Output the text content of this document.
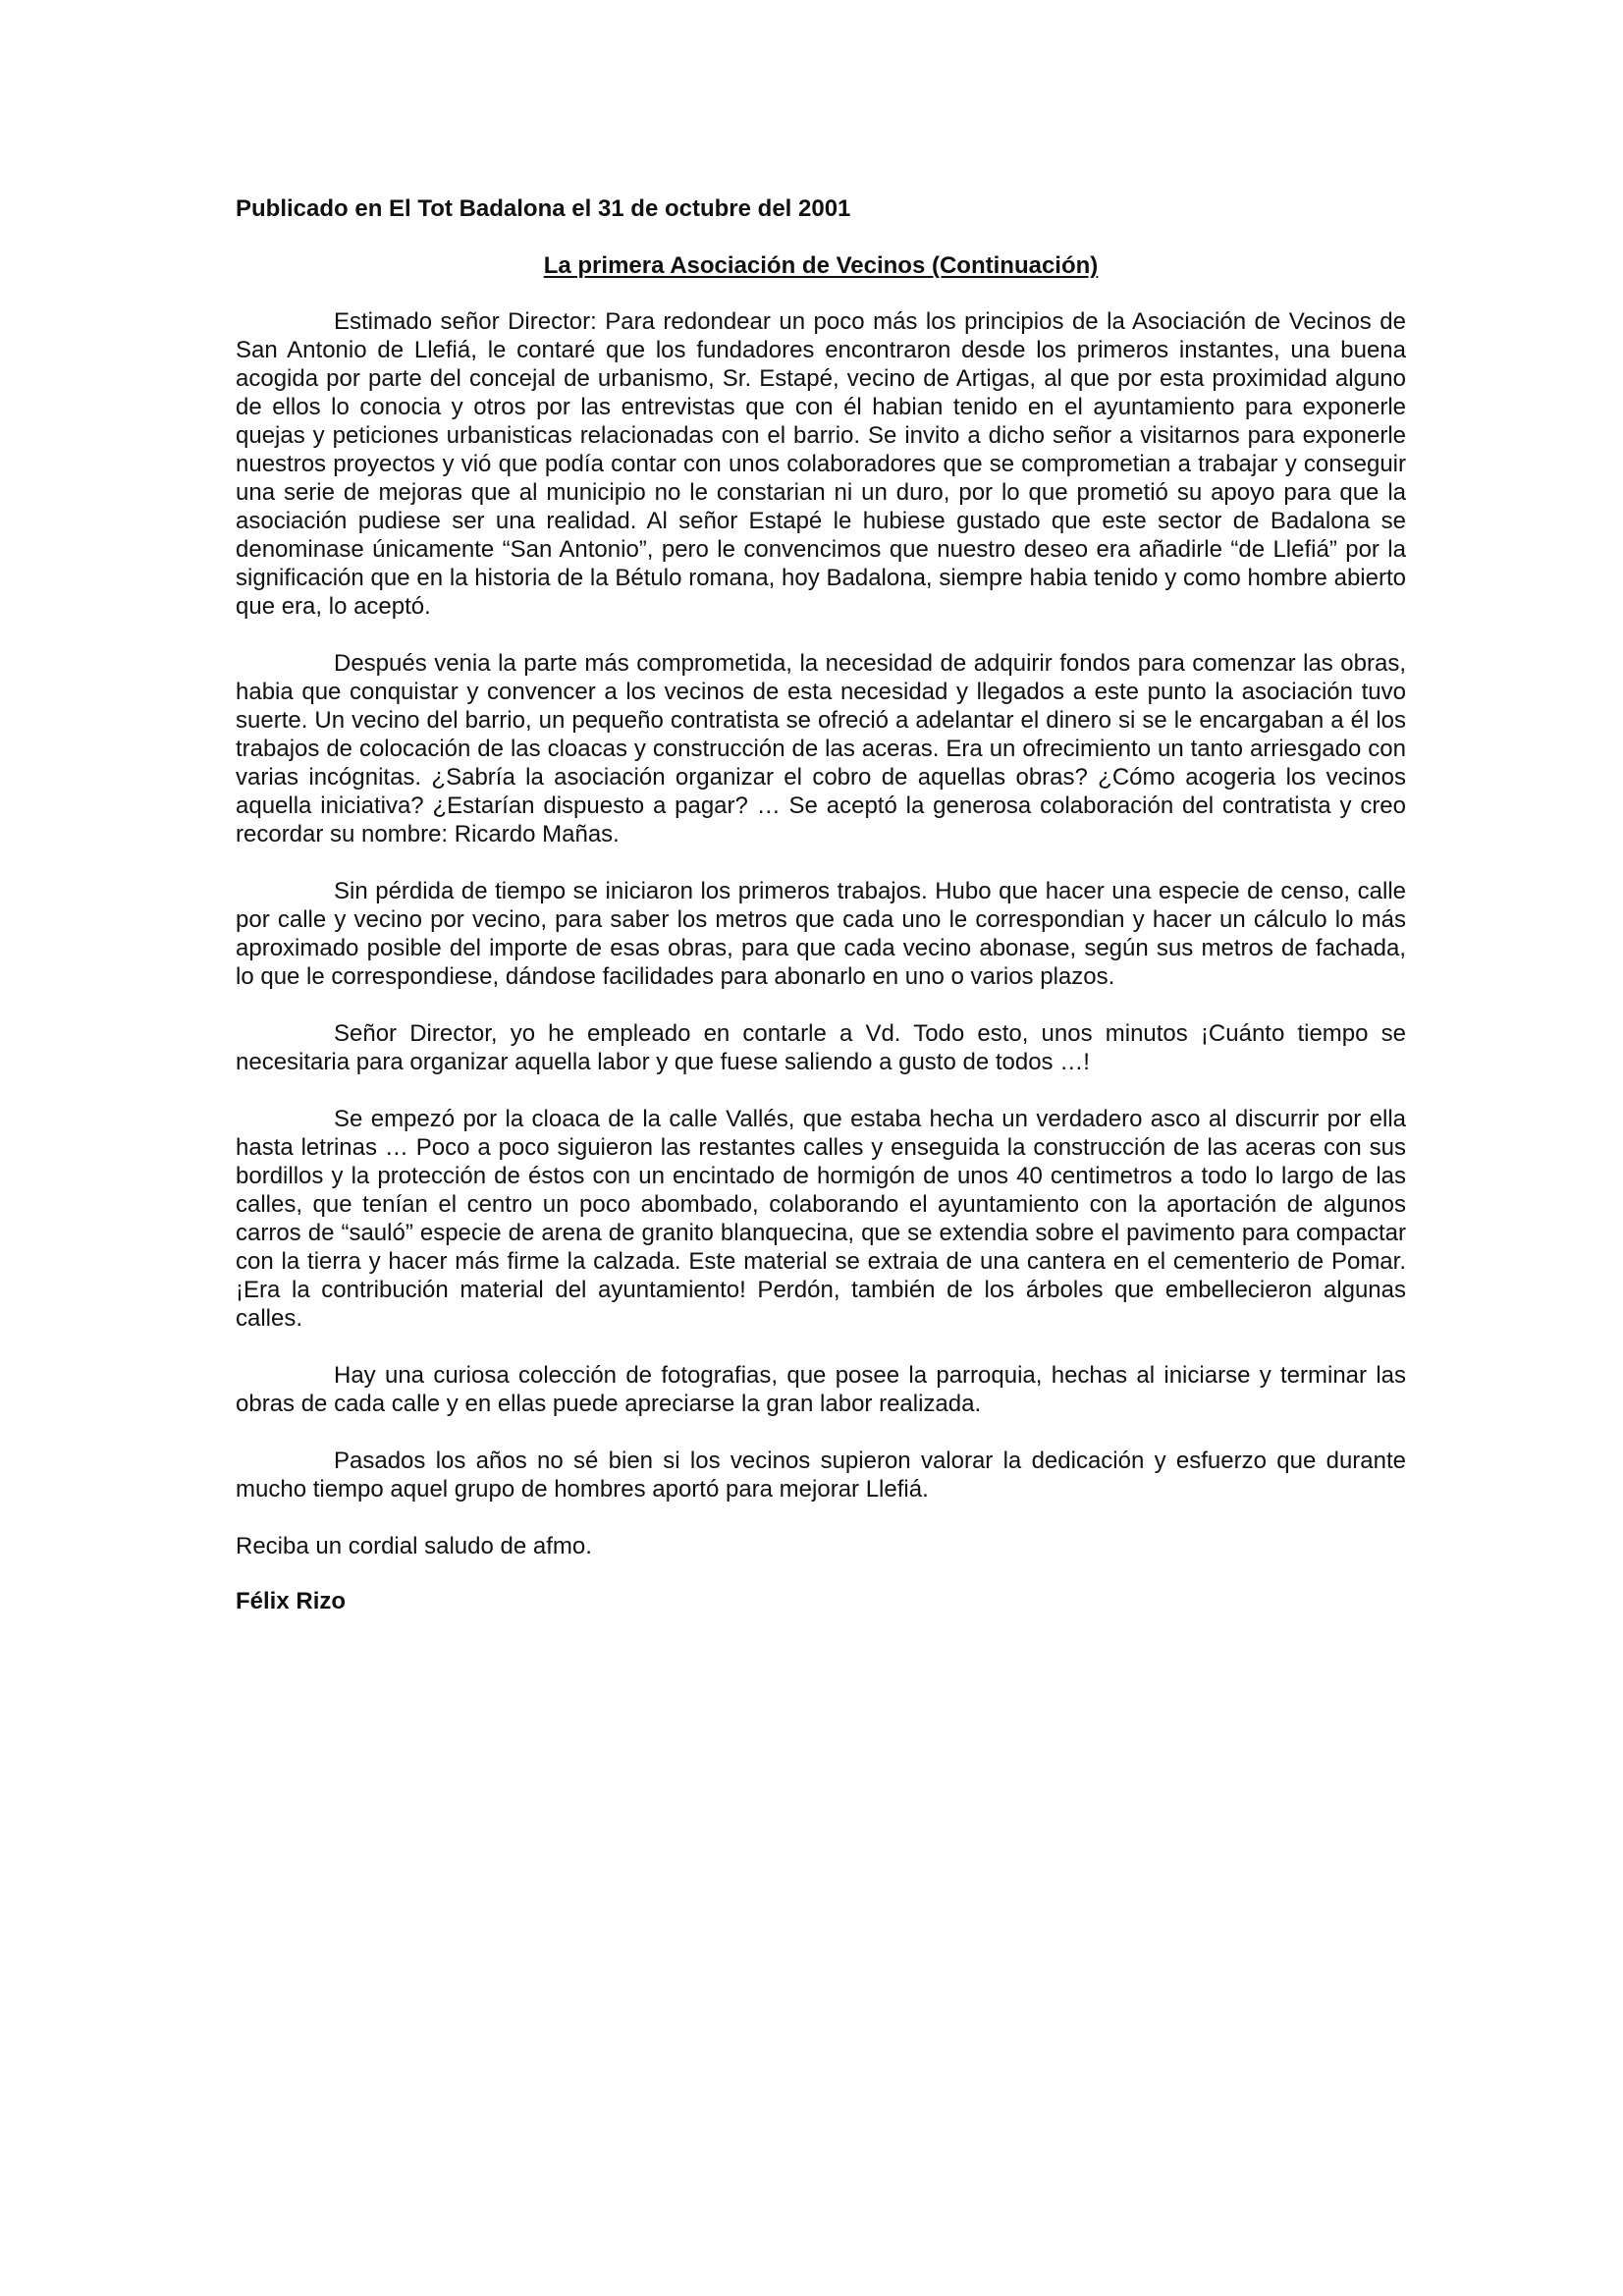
Publicado en El Tot Badalona el 31 de octubre del 2001

La primera Asociación de Vecinos (Continuación)

Estimado señor Director: Para redondear un poco más los principios de la Asociación de Vecinos de San Antonio de Llefiá, le contaré que los fundadores encontraron desde los primeros instantes, una buena acogida por parte del concejal de urbanismo, Sr. Estapé, vecino de Artigas, al que por esta proximidad alguno de ellos lo conocia y otros por las entrevistas que con él habian tenido en el ayuntamiento para exponerle quejas y peticiones urbanisticas relacionadas con el barrio. Se invito a dicho señor a visitarnos para exponerle nuestros proyectos y vió que podía contar con unos colaboradores que se comprometian a trabajar y conseguir una serie de mejoras que al municipio no le constarian ni un duro, por lo que prometió su apoyo para que la asociación pudiese ser una realidad. Al señor Estapé le hubiese gustado que este sector de Badalona se denominase únicamente “San Antonio”, pero le convencimos que nuestro deseo era añadirle “de Llefiá” por la significación que en la historia de la Bétulo romana, hoy Badalona, siempre habia tenido y como hombre abierto que era, lo aceptó.

Después venia la parte más comprometida, la necesidad de adquirir fondos para comenzar las obras, habia que conquistar y convencer a los vecinos de esta necesidad y llegados a este punto la asociación tuvo suerte. Un vecino del barrio, un pequeño contratista se ofreció a adelantar el dinero si se le encargaban a él los trabajos de colocación de las cloacas y construcción de las aceras. Era un ofrecimiento un tanto arriesgado con varias incógnitas. ¿Sabría la asociación organizar el cobro de aquellas obras? ¿Cómo acogeria los vecinos aquella iniciativa? ¿Estarían dispuesto a pagar? … Se aceptó la generosa colaboración del contratista y creo recordar su nombre: Ricardo Mañas.

Sin pérdida de tiempo se iniciaron los primeros trabajos. Hubo que hacer una especie de censo, calle por calle y vecino por vecino, para saber los metros que cada uno le correspondian y hacer un cálculo lo más aproximado posible del importe de esas obras, para que cada vecino abonase, según sus metros de fachada, lo que le correspondiese, dándose facilidades para abonarlo en uno o varios plazos.

Señor Director, yo he empleado en contarle a Vd. Todo esto, unos minutos ¡Cuánto tiempo se necesitaria para organizar aquella labor y que fuese saliendo a gusto de todos …!

Se empezó por la cloaca de la calle Vallés, que estaba hecha un verdadero asco al discurrir por ella hasta letrinas … Poco a poco siguieron las restantes calles y enseguida la construcción de las aceras con sus bordillos y la protección de éstos con un encintado de hormigón de unos 40 centimetros a todo lo largo de las calles, que tenían el centro un poco abombado, colaborando el ayuntamiento con la aportación de algunos carros de “sauló” especie de arena de granito blanquecina, que se extendia sobre el pavimento para compactar con la tierra y hacer más firme la calzada. Este material se extraia de una cantera en el cementerio de Pomar. ¡Era la contribución material del ayuntamiento! Perdón, también de los árboles que embellecieron algunas calles.

Hay una curiosa colección de fotografias, que posee la parroquia, hechas al iniciarse y terminar las obras de cada calle y en ellas puede apreciarse la gran labor realizada.

Pasados los años no sé bien si los vecinos supieron valorar la dedicación y esfuerzo que durante mucho tiempo aquel grupo de hombres aportó para mejorar Llefiá.

Reciba un cordial saludo de afmo.

Félix Rizo
